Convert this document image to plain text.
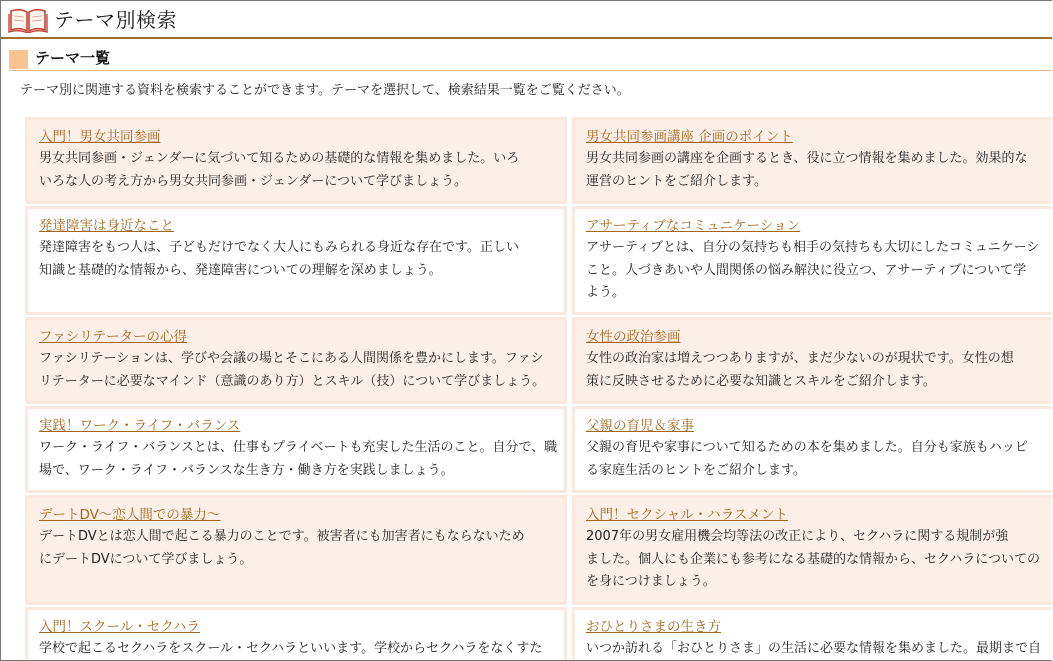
テーマ別検索
テーマ一覧
テーマ別に関連する資料を検索することができます。テーマを選択して、検索結果一覧をご覧ください。
入門！男女共同参画
男女共同参画・ジェンダーに気づいて知るための基礎的な情報を集めました。いろ
いろな人の考え方から男女共同参画・ジェンダーについて学びましょう。
男女共同参画講座 企画のポイント
男女共同参画の講座を企画するとき、役に立つ情報を集めました。効果的な
運営のヒントをご紹介します。
発達障害は身近なこと
発達障害をもつ人は、子どもだけでなく大人にもみられる身近な存在です。正しい
知識と基礎的な情報から、発達障害についての理解を深めましょう。
アサーティブなコミュニケーション
アサーティブとは、自分の気持ちも相手の気持ちも大切にしたコミュニケーシ
こと。人づきあいや人間関係の悩み解決に役立つ、アサーティブについて学
よう。
ファシリテーターの心得
ファシリテーションは、学びや会議の場とそこにある人間関係を豊かにします。ファシ
リテーターに必要なマインド（意識のあり方）とスキル（技）について学びましょう。
女性の政治参画
女性の政治家は増えつつありますが、まだ少ないのが現状です。女性の想
策に反映させるために必要な知識とスキルをご紹介します。
実践！ワーク・ライフ・バランス
ワーク・ライフ・バランスとは、仕事もプライベートも充実した生活のこと。自分で、職
場で、ワーク・ライフ・バランスな生き方・働き方を実践しましょう。
父親の育児＆家事
父親の育児や家事について知るための本を集めました。自分も家族もハッピ
る家庭生活のヒントをご紹介します。
デートDV～恋人間での暴力～
デートDVとは恋人間で起こる暴力のことです。被害者にも加害者にもならないため
にデートDVについて学びましょう。
入門！セクシャル・ハラスメント
2007年の男女雇用機会均等法の改正により、セクハラに関する規制が強
ました。個人にも企業にも参考になる基礎的な情報から、セクハラについての
を身につけましょう。
入門！スクール・セクハラ
学校で起こるセクハラをスクール・セクハラといいます。学校からセクハラをなくすた
おひとりさまの生き方
いつか訪れる「おひとりさま」の生活に必要な情報を集めました。最期まで自
